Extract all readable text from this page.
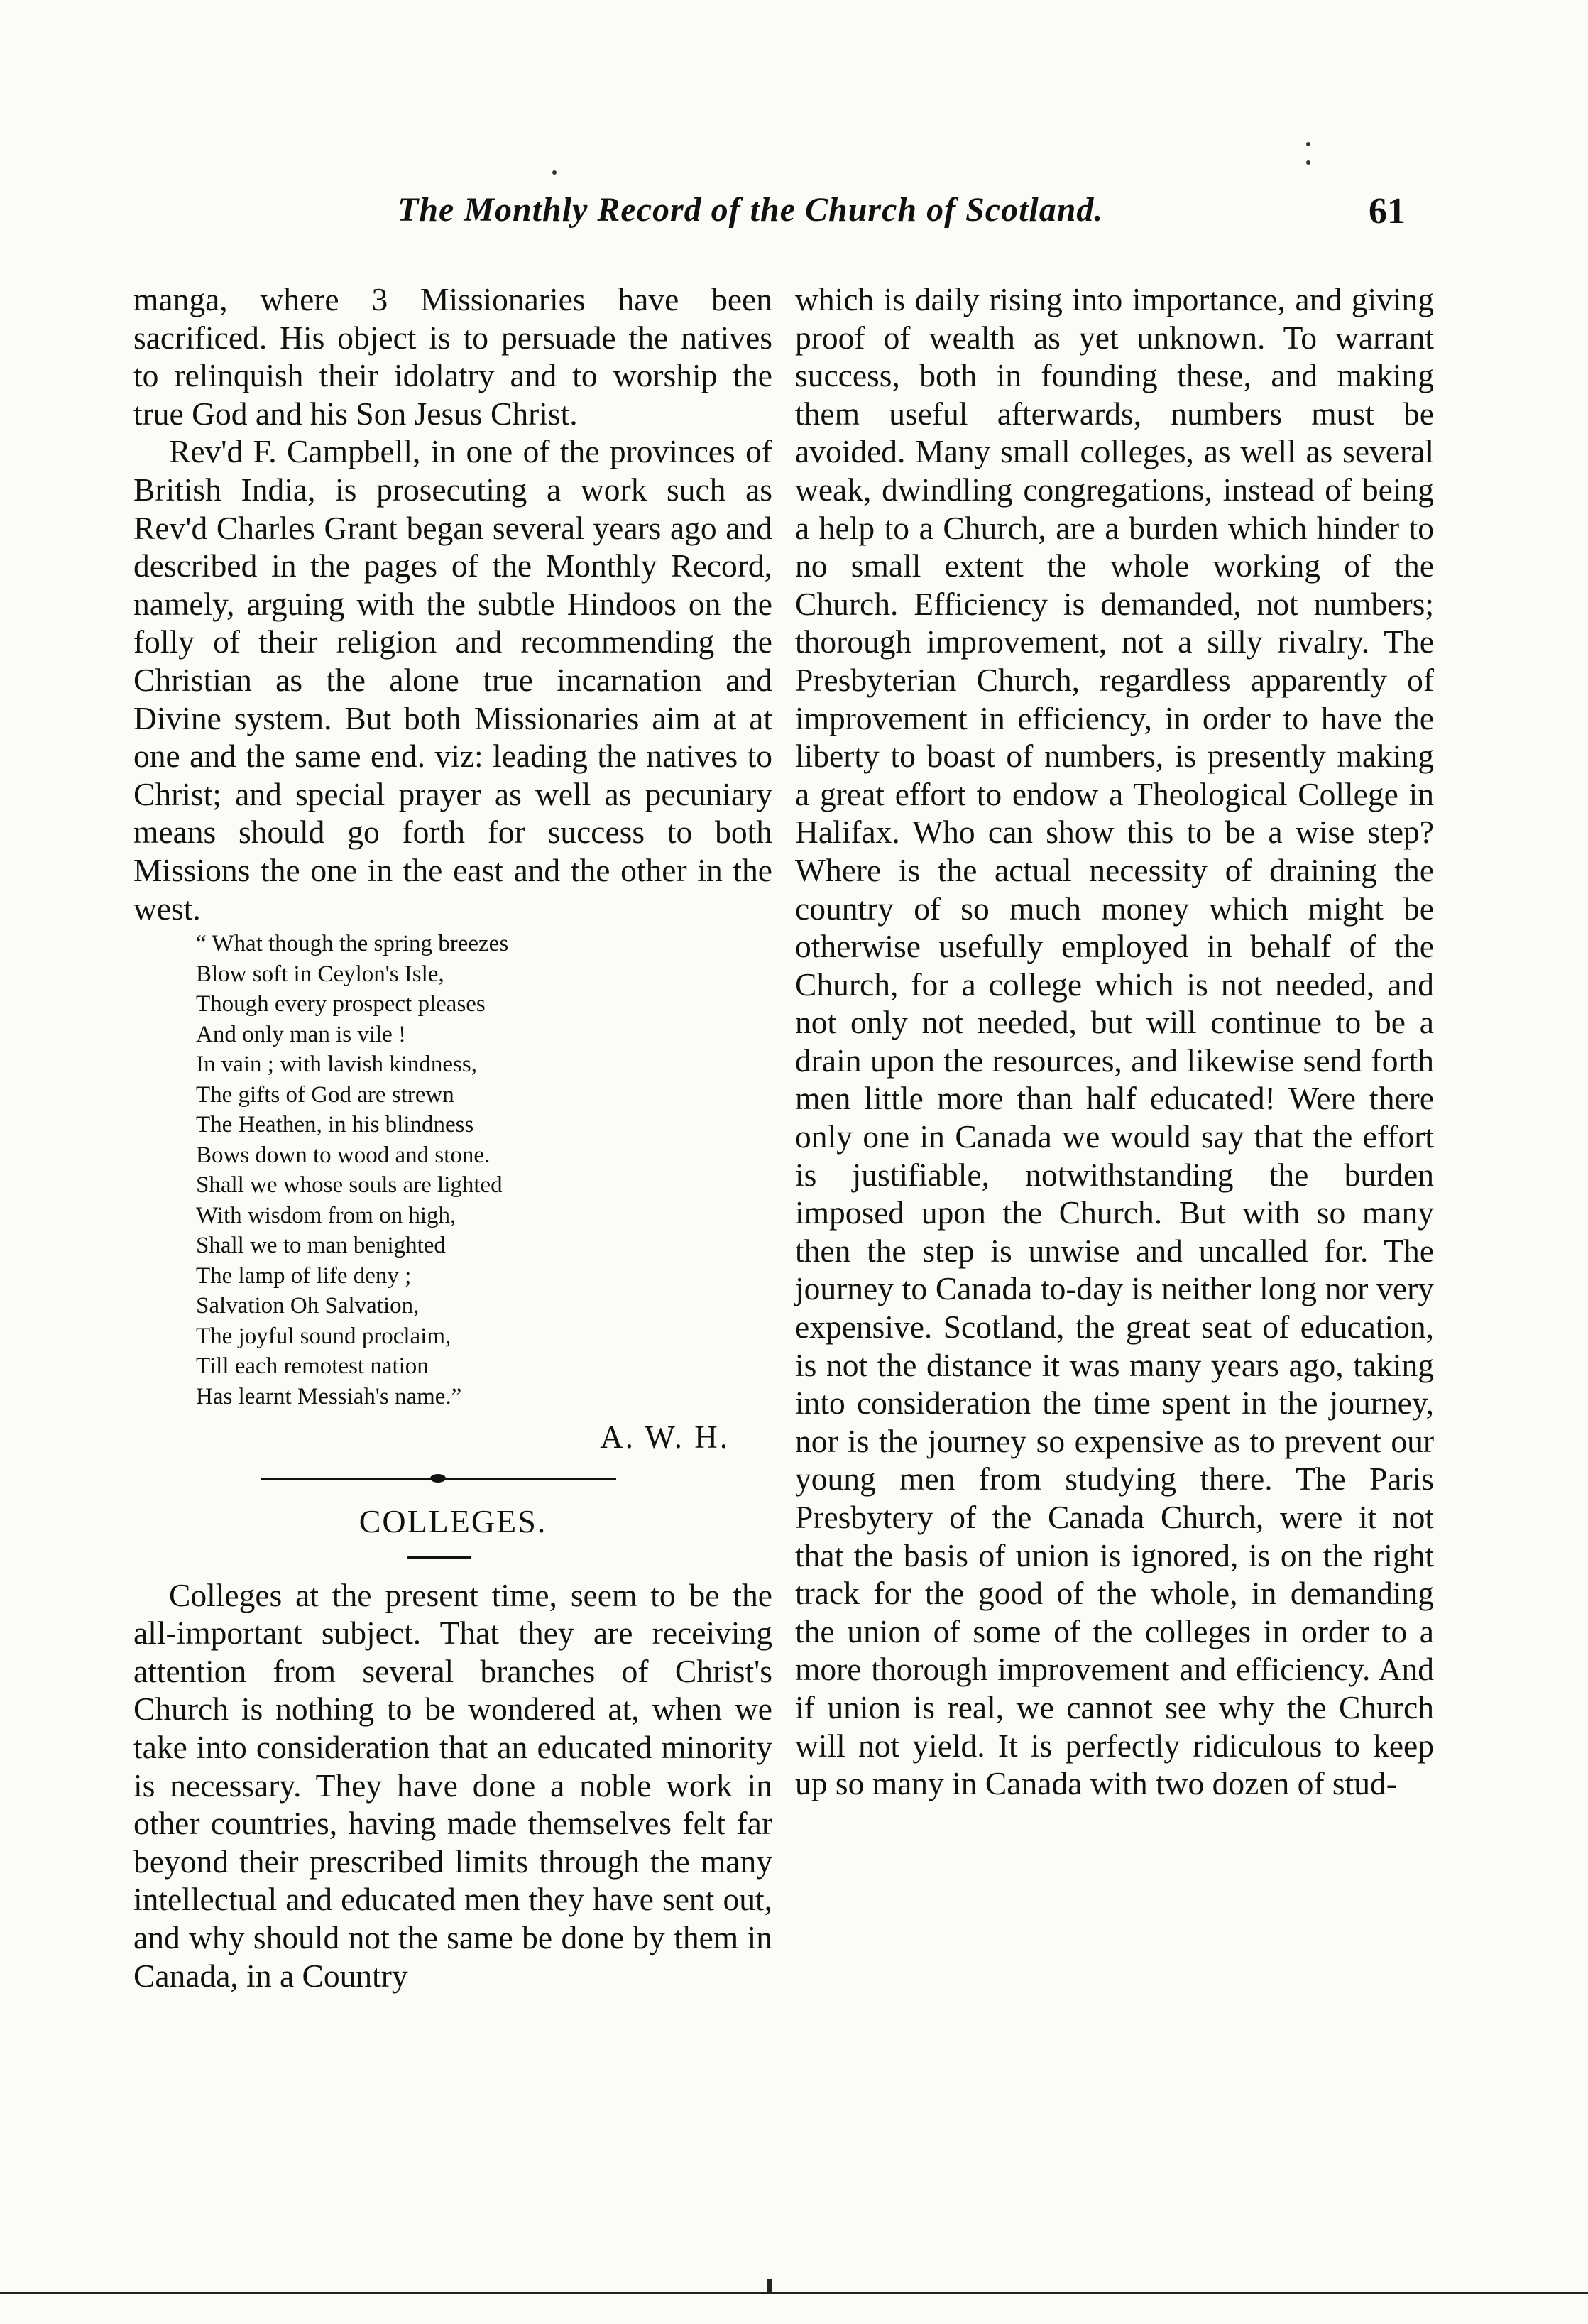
The Monthly Record of the Church of Scotland.	61

manga, where 3 Missionaries have been sacrificed. His object is to persuade the natives to relinquish their idolatry and to worship the true God and his Son Jesus Christ.

Rev'd F. Campbell, in one of the provinces of British India, is prosecuting a work such as Rev'd Charles Grant began several years ago and described in the pages of the Monthly Record, namely, arguing with the subtle Hindoos on the folly of their religion and recommending the Christian as the alone true incarnation and Divine system. But both Missionaries aim at at one and the same end. viz: leading the natives to Christ; and special prayer as well as pecuniary means should go forth for success to both Missions the one in the east and the other in the west.

“ What though the spring breezes
Blow soft in Ceylon's Isle,
Though every prospect pleases
And only man is vile !
In vain ; with lavish kindness,
The gifts of God are strewn
The Heathen, in his blindness
Bows down to wood and stone.
Shall we whose souls are lighted
With wisdom from on high,
Shall we to man benighted
The lamp of life deny ;
Salvation Oh Salvation,
The joyful sound proclaim,
Till each remotest nation
Has learnt Messiah's name.”
A. W. H.
COLLEGES.

Colleges at the present time, seem to be the all-important subject. That they are receiving attention from several branches of Christ's Church is nothing to be wondered at, when we take into consideration that an educated minority is necessary. They have done a noble work in other countries, having made themselves felt far beyond their prescribed limits through the many intellectual and educated men they have sent out, and why should not the same be done by them in Canada, in a Country

which is daily rising into importance, and giving proof of wealth as yet unknown. To warrant success, both in founding these, and making them useful afterwards, numbers must be avoided. Many small colleges, as well as several weak, dwindling congregations, instead of being a help to a Church, are a burden which hinder to no small extent the whole working of the Church. Efficiency is demanded, not numbers; thorough improvement, not a silly rivalry. The Presbyterian Church, regardless apparently of improvement in efficiency, in order to have the liberty to boast of numbers, is presently making a great effort to endow a Theological College in Halifax. Who can show this to be a wise step? Where is the actual necessity of draining the country of so much money which might be otherwise usefully employed in behalf of the Church, for a college which is not needed, and not only not needed, but will continue to be a drain upon the resources, and likewise send forth men little more than half educated! Were there only one in Canada we would say that the effort is justifiable, notwithstanding the burden imposed upon the Church. But with so many then the step is unwise and uncalled for. The journey to Canada to-day is neither long nor very expensive. Scotland, the great seat of education, is not the distance it was many years ago, taking into consideration the time spent in the journey, nor is the journey so expensive as to prevent our young men from studying there. The Paris Presbytery of the Canada Church, were it not that the basis of union is ignored, is on the right track for the good of the whole, in demanding the union of some of the colleges in order to a more thorough improvement and efficiency. And if union is real, we cannot see why the Church will not yield. It is perfectly ridiculous to keep up so many in Canada with two dozen of stud-
